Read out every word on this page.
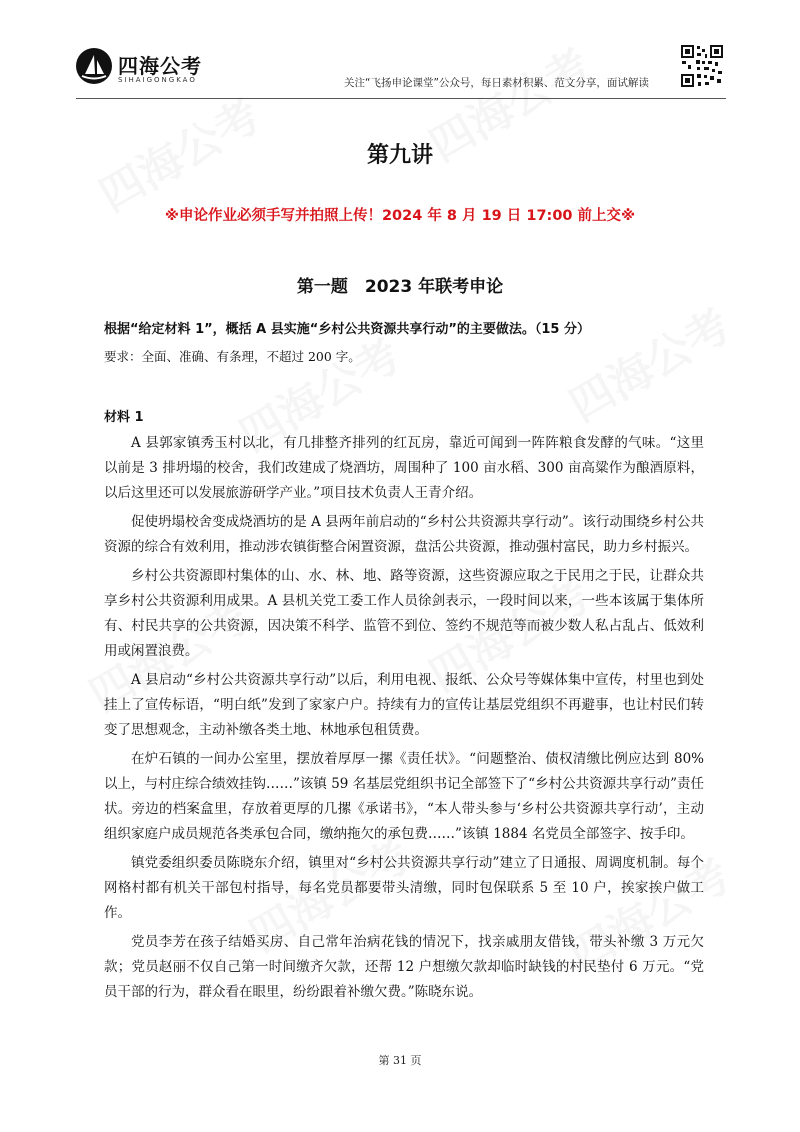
四海公考
SIHAIGONGKAO	关注“飞扬申论课堂”公众号，每日素材积累、范文分享，面试解读
第九讲
※申论作业必须手写并拍照上传！2024 年 8 月 19 日 17:00 前上交※
第一题　2023 年联考申论
根据“给定材料 1”，概括 A 县实施“乡村公共资源共享行动”的主要做法。（15 分）
要求：全面、准确、有条理，不超过 200 字。
材料 1

A 县郭家镇秀玉村以北，有几排整齐排列的红瓦房，靠近可闻到一阵阵粮食发酵的气味。“这里以前是 3 排坍塌的校舍，我们改建成了烧酒坊，周围种了 100 亩水稻、300 亩高粱作为酿酒原料，以后这里还可以发展旅游研学产业。”项目技术负责人王青介绍。

促使坍塌校舍变成烧酒坊的是 A 县两年前启动的“乡村公共资源共享行动”。该行动围绕乡村公共资源的综合有效利用，推动涉农镇街整合闲置资源，盘活公共资源，推动强村富民，助力乡村振兴。

乡村公共资源即村集体的山、水、林、地、路等资源，这些资源应取之于民用之于民，让群众共享乡村公共资源利用成果。A 县机关党工委工作人员徐剑表示，一段时间以来，一些本该属于集体所有、村民共享的公共资源，因决策不科学、监管不到位、签约不规范等而被少数人私占乱占、低效利用或闲置浪费。

A 县启动“乡村公共资源共享行动”以后，利用电视、报纸、公众号等媒体集中宣传，村里也到处挂上了宣传标语，“明白纸”发到了家家户户。持续有力的宣传让基层党组织不再避事，也让村民们转变了思想观念，主动补缴各类土地、林地承包租赁费。

在炉石镇的一间办公室里，摆放着厚厚一摞《责任状》。“问题整治、债权清缴比例应达到 80%以上，与村庄综合绩效挂钩……”该镇 59 名基层党组织书记全部签下了“乡村公共资源共享行动”责任状。旁边的档案盒里，存放着更厚的几摞《承诺书》，“本人带头参与‘乡村公共资源共享行动’，主动组织家庭户成员规范各类承包合同，缴纳拖欠的承包费……”该镇 1884 名党员全部签字、按手印。

镇党委组织委员陈晓东介绍，镇里对“乡村公共资源共享行动”建立了日通报、周调度机制。每个网格村都有机关干部包村指导，每名党员都要带头清缴，同时包保联系 5 至 10 户，挨家挨户做工作。

党员李芳在孩子结婚买房、自己常年治病花钱的情况下，找亲戚朋友借钱，带头补缴 3 万元欠款；党员赵丽不仅自己第一时间缴齐欠款，还帮 12 户想缴欠款却临时缺钱的村民垫付 6 万元。“党员干部的行为，群众看在眼里，纷纷跟着补缴欠费。”陈晓东说。

第 31 页
